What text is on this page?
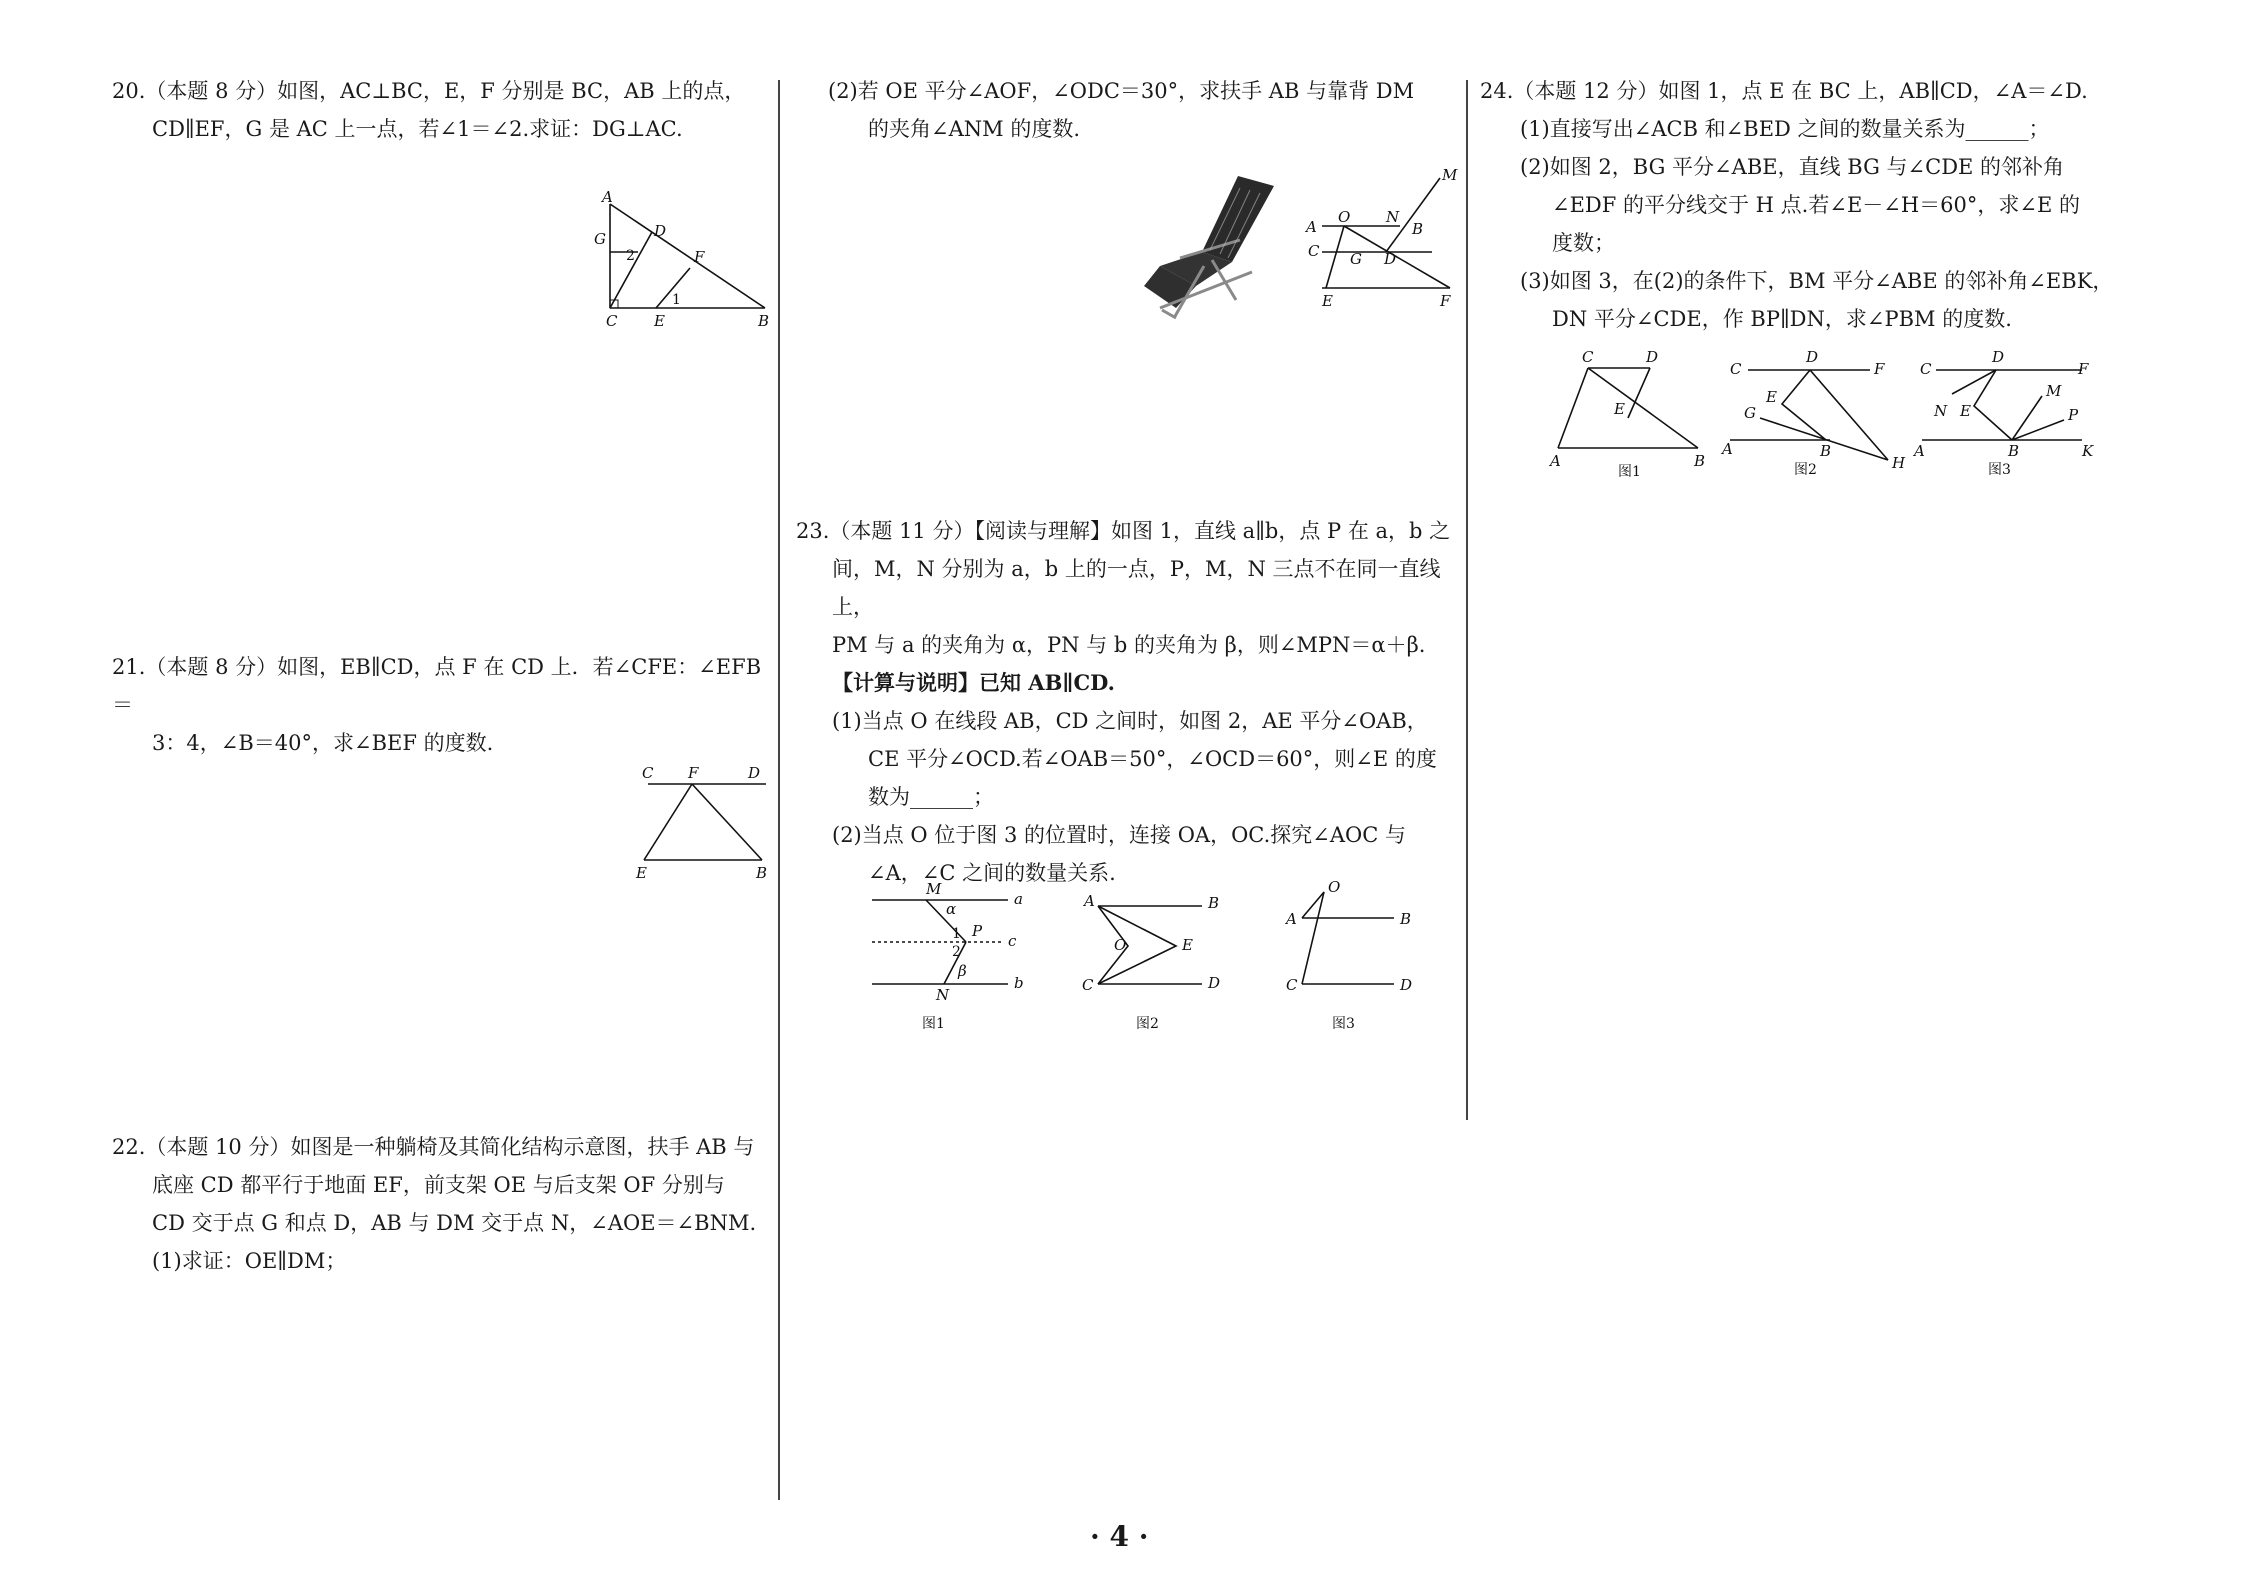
20.（本题 8 分）如图，AC⊥BC，E，F 分别是 BC，AB 上的点，

CD∥EF，G 是 AC 上一点，若∠1＝∠2.求证：DG⊥AC.

A
G	D
F
C E	B
2
1

21.（本题 8 分）如图，EB∥CD，点 F 在 CD 上．若∠CFE：∠EFB＝

3：4，∠B＝40°，求∠BEF 的度数.

C F	D
E	B

22.（本题 10 分）如图是一种躺椅及其简化结构示意图，扶手 AB 与

底座 CD 都平行于地面 EF，前支架 OE 与后支架 OF 分别与

CD 交于点 G 和点 D，AB 与 DM 交于点 N，∠AOE＝∠BNM.

(1)求证：OE∥DM；

(2)若 OE 平分∠AOF，∠ODC＝30°，求扶手 AB 与靠背 DM

的夹角∠ANM 的度数.

M
A
O N
B
C G D
E	F

23.（本题 11 分）【阅读与理解】如图 1，直线 a∥b，点 P 在 a，b 之

间，M，N 分别为 a，b 上的一点，P，M，N 三点不在同一直线上，

PM 与 a 的夹角为 α，PN 与 b 的夹角为 β，则∠MPN＝α＋β.

【计算与说明】已知 AB∥CD.

(1)当点 O 在线段 AB，CD 之间时，如图 2，AE 平分∠OAB，

CE 平分∠OCD.若∠OAB＝50°，∠OCD＝60°，则∠E 的度

数为______；

(2)当点 O 位于图 3 的位置时，连接 OA，OC.探究∠AOC 与

∠A，∠C 之间的数量关系.

M
α
a
1 P
2
c
β
N
b
图1
A	B
O	E
C	D
图2
O
A	B
C	D
图3

24.（本题 12 分）如图 1，点 E 在 BC 上，AB∥CD，∠A＝∠D.

(1)直接写出∠ACB 和∠BED 之间的数量关系为______；

(2)如图 2，BG 平分∠ABE，直线 BG 与∠CDE 的邻补角

∠EDF 的平分线交于 H 点.若∠E－∠H＝60°，求∠E 的

度数；

(3)如图 3，在(2)的条件下，BM 平分∠ABE 的邻补角∠EBK，

DN 平分∠CDE，作 BP∥DN，求∠PBM 的度数.

C	D
E
A	B
图1
C
D
F
E
G
A	B
H
图2
C
D
F
M
N E	P
A	B	K
图3
· 4 ·
